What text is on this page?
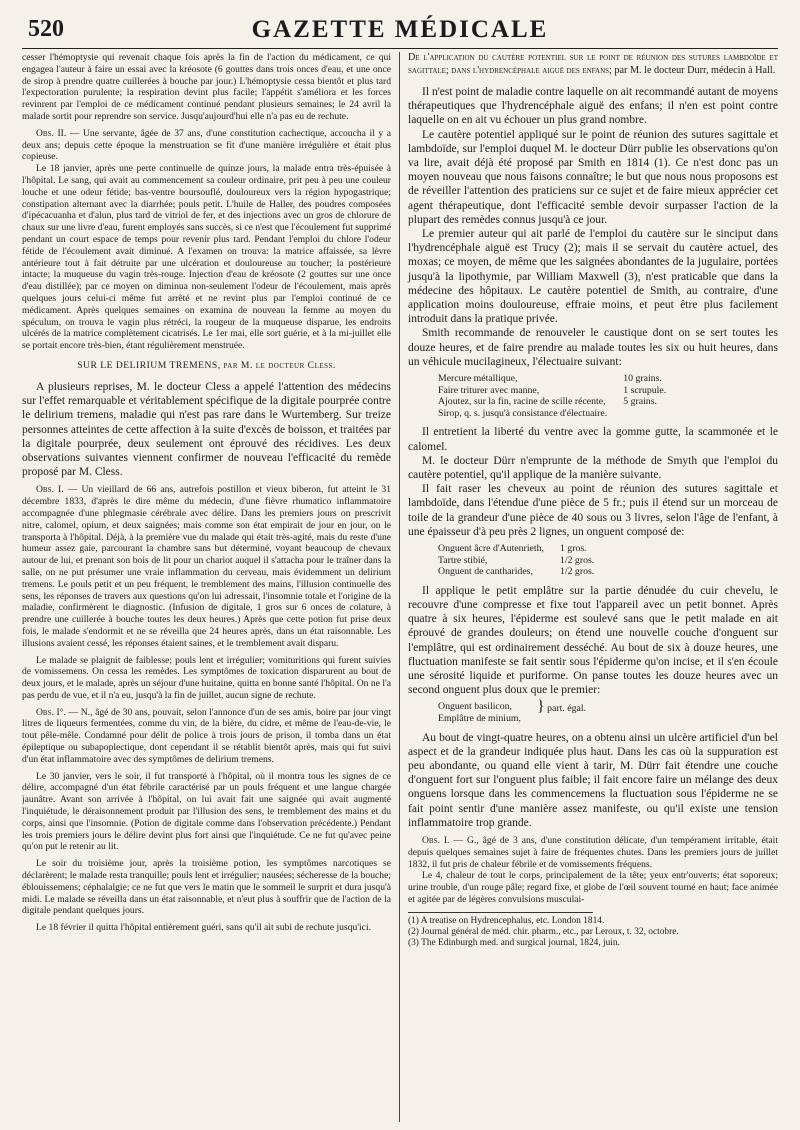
520	GAZETTE MÉDICALE

cesser l'hémoptysie qui revenait chaque fois après la fin de l'action du médicament, ce qui engagea l'auteur à faire un essai avec la kréosote (6 gouttes dans trois onces d'eau, et une once de sirop à prendre quatre cuillerées à bouche par jour.) L'hémoptysie cessa bientôt et plus tard l'expectoration purulente; la respiration devint plus facile; l'appétit s'améliora et les forces revinrent par l'emploi de ce médicament continué pendant plusieurs semaines; le 24 avril la malade sortit pour reprendre son service. Jusqu'aujourd'hui elle n'a pas eu de rechute.

Obs. II. — Une servante, âgée de 37 ans, d'une constitution cachectique, accoucha il y a deux ans; depuis cette époque la menstruation se fit d'une manière irrégulière et était plus copieuse.

Le 18 janvier, après une perte continuelle de quinze jours, la malade entra très-épuisée à l'hôpital. Le sang, qui avait au commencement sa couleur ordinaire, prit peu à peu une couleur louche et une odeur fétide; bas-ventre boursouflé, douloureux vers la région hypogastrique; constipation alternant avec la diarrhée; pouls petit. L'huile de Haller, des poudres composées d'ipécacuanha et d'alun, plus tard de vitriol de fer, et des injections avec un gros de chlorure de chaux sur une livre d'eau, furent employés sans succès, si ce n'est que l'écoulement fut supprimé pendant un court espace de temps pour revenir plus tard. Pendant l'emploi du chlore l'odeur fétide de l'écoulement avait diminué. A l'examen on trouva: la matrice affaissée, sa lèvre antérieure tout à fait détruite par une ulcération et douloureuse au toucher; la postérieure intacte; la muqueuse du vagin très-rouge. Injection d'eau de kréosote (2 gouttes sur une once d'eau distillée); par ce moyen on diminua non-seulement l'odeur de l'écoulement, mais après quelques jours celui-ci même fut arrêté et ne revint plus par l'emploi continué de ce médicament. Après quelques semaines on examina de nouveau la femme au moyen du spéculum, on trouva le vagin plus rétréci, la rougeur de la muqueuse disparue, les endroits ulcérés de la matrice complètement cicatrisés. Le 1er mai, elle sort guérie, et à la mi-juillet elle se portait encore très-bien, étant régulièrement menstruée.

SUR LE DELIRIUM TREMENS, par M. le docteur Cless.

A plusieurs reprises, M. le docteur Cless a appelé l'attention des médecins sur l'effet remarquable et véritablement spécifique de la digitale pourprée contre le delirium tremens, maladie qui n'est pas rare dans le Wurtemberg. Sur treize personnes atteintes de cette affection à la suite d'excès de boisson, et traitées par la digitale pourprée, deux seulement ont éprouvé des récidives. Les deux observations suivantes viennent confirmer de nouveau l'efficacité du remède proposé par M. Cless.

Obs. I. — Un vieillard de 66 ans, autrefois postillon et vieux biberon, fut atteint le 31 décembre 1833, d'après le dire même du médecin, d'une fièvre rhumatico inflammatoire accompagnée d'une phlegmasie cérébrale avec délire. Dans les premiers jours on prescrivit nitre, calomel, opium, et deux saignées; mais comme son état empirait de jour en jour, on le transporta à l'hôpital. Déjà, à la première vue du malade qui était très-agité, mais du reste d'une humeur assez gaie, parcourant la chambre sans but déterminé, voyant beaucoup de chevaux autour de lui, et prenant son bois de lit pour un chariot auquel il s'attacha pour le traîner dans la salle, on ne put présumer une vraie inflammation du cerveau, mais évidemment un delirium tremens. Le pouls petit et un peu fréquent, le tremblement des mains, l'illusion continuelle des sens, les réponses de travers aux questions qu'on lui adressait, l'insomnie totale et l'origine de la maladie, confirmèrent le diagnostic. (Infusion de digitale, 1 gros sur 6 onces de colature, à prendre une cuillerée à bouche toutes les deux heures.) Après que cette potion fut prise deux fois, le malade s'endormit et ne se réveilla que 24 heures après, dans un état raisonnable. Les illusions avaient cessé, les réponses étaient saines, et le tremblement avait disparu.

Le malade se plaignit de faiblesse; pouls lent et irrégulier; vomituritions qui furent suivies de vomissemens. On cessa les remèdes. Les symptômes de toxication disparurent au bout de deux jours, et le malade, après un séjour d'une huitaine, quitta en bonne santé l'hôpital. On ne l'a pas perdu de vue, et il n'a eu, jusqu'à la fin de juillet, aucun signe de rechute.

Obs. I°. — N., âgé de 30 ans, pouvait, selon l'annonce d'un de ses amis, boire par jour vingt litres de liqueurs fermentées, comme du vin, de la bière, du cidre, et même de l'eau-de-vie, le tout pêle-mêle. Condamné pour délit de police à trois jours de prison, il tomba dans un état épileptique ou subapoplectique, dont cependant il se rétablit bientôt après, mais qui fut suivi d'un état inflammatoire avec des symptômes de delirium tremens.

Le 30 janvier, vers le soir, il fut transporté à l'hôpital, où il montra tous les signes de ce délire, accompagné d'un état fébrile caractérisé par un pouls fréquent et une langue chargée jaunâtre. Avant son arrivée à l'hôpital, on lui avait fait une saignée qui avait augmenté l'inquiétude, le déraisonnement produit par l'illusion des sens, le tremblement des mains et du corps, ainsi que l'insomnie. (Potion de digitale comme dans l'observation précédente.) Pendant les trois premiers jours le délire devint plus fort ainsi que l'inquiétude. Ce ne fut qu'avec peine qu'on put le retenir au lit.

Le soir du troisième jour, après la troisième potion, les symptômes narcotiques se déclarèrent; le malade resta tranquille; pouls lent et irrégulier; nausées; sécheresse de la bouche; éblouissemens; céphalalgie; ce ne fut que vers le matin que le sommeil le surprit et dura jusqu'à midi. Le malade se réveilla dans un état raisonnable, et n'eut plus à souffrir que de l'action de la digitale pendant quelques jours.

Le 18 février il quitta l'hôpital entièrement guéri, sans qu'il ait subi de rechute jusqu'ici.

De l'application du cautère potentiel sur le point de réunion des sutures lambdoïde et sagittale; dans l'hydrencéphale aiguë des enfans; par M. le docteur Durr, médecin à Hall.

Il n'est point de maladie contre laquelle on ait recommandé autant de moyens thérapeutiques que l'hydrencéphale aiguë des enfans; il n'en est point contre laquelle on en ait vu échouer un plus grand nombre.

Le cautère potentiel appliqué sur le point de réunion des sutures sagittale et lambdoïde, sur l'emploi duquel M. le docteur Dürr publie les observations qu'on va lire, avait déjà été proposé par Smith en 1814 (1). Ce n'est donc pas un moyen nouveau que nous faisons connaître; le but que nous nous proposons est de réveiller l'attention des praticiens sur ce sujet et de faire mieux apprécier cet agent thérapeutique, dont l'efficacité semble devoir surpasser l'action de la plupart des remèdes connus jusqu'à ce jour.

Le premier auteur qui ait parlé de l'emploi du cautère sur le sinciput dans l'hydrencéphale aiguë est Trucy (2); mais il se servait du cautère actuel, des moxas; ce moyen, de même que les saignées abondantes de la jugulaire, portées jusqu'à la lipothymie, par William Maxwell (3), n'est praticable que dans la médecine des hôpitaux. Le cautère potentiel de Smith, au contraire, d'une application moins douloureuse, effraie moins, et peut être plus facilement introduit dans la pratique privée.

Smith recommande de renouveler le caustique dont on se sert toutes les douze heures, et de faire prendre au malade toutes les six ou huit heures, dans un véhicule mucilagineux, l'électuaire suivant:

Mercure métallique,	10 grains.
Faire triturer avec manne,	1 scrupule.
Ajoutez, sur la fin, racine de scille récente,	5 grains.
Sirop, q. s. jusqu'à consistance d'électuaire.	

Il entretient la liberté du ventre avec la gomme gutte, la scammonée et le calomel.

M. le docteur Dürr n'emprunte de la méthode de Smyth que l'emploi du cautère potentiel, qu'il applique de la manière suivante.

Il fait raser les cheveux au point de réunion des sutures sagittale et lambdoïde, dans l'étendue d'une pièce de 5 fr.; puis il étend sur un morceau de toile de la grandeur d'une pièce de 40 sous ou 3 livres, selon l'âge de l'enfant, à une épaisseur d'à peu près 2 lignes, un onguent composé de:

Onguent âcre d'Autenrieth,	1 gros.
Tartre stibié,	1/2 gros.
Onguent de cantharides,	1/2 gros.

Il applique le petit emplâtre sur la partie dénudée du cuir chevelu, le recouvre d'une compresse et fixe tout l'appareil avec un petit bonnet. Après quatre à six heures, l'épiderme est soulevé sans que le petit malade en ait éprouvé de grandes douleurs; on étend une nouvelle couche d'onguent sur l'emplâtre, qui est ordinairement desséché. Au bout de six à douze heures, une fluctuation manifeste se fait sentir sous l'épiderme qu'on incise, et il s'en écoule une sérosité liquide et puriforme. On panse toutes les douze heures avec un second onguent plus doux que le premier:

Onguent basilicon,	} part. égal.
Emplâtre de minium,

Au bout de vingt-quatre heures, on a obtenu ainsi un ulcère artificiel d'un bel aspect et de la grandeur indiquée plus haut. Dans les cas où la suppuration est peu abondante, ou quand elle vient à tarir, M. Dürr fait étendre une couche d'onguent fort sur l'onguent plus faible; il fait encore faire un mélange des deux onguens lorsque dans les commencemens la fluctuation sous l'épiderme ne se fait point sentir d'une manière assez manifeste, ou qu'il existe une tension inflammatoire trop grande.

Obs. I. — G., âgé de 3 ans, d'une constitution délicate, d'un tempérament irritable, était depuis quelques semaines sujet à faire de fréquentes chutes. Dans les premiers jours de juillet 1832, il fut pris de chaleur fébrile et de vomissements fréquens.

Le 4, chaleur de tout le corps, principalement de la tête; yeux entr'ouverts; état soporeux; urine trouble, d'un rouge pâle; regard fixe, et globe de l'œil souvent tourné en haut; face animée et agitée par de légères convulsions musculai-

(1) A treatise on Hydrencephalus, etc. London 1814.
(2) Journal général de méd. chir. pharm., etc., par Leroux, t. 32, octobre.
(3) The Edinburgh med. and surgical journal, 1824, juin.
